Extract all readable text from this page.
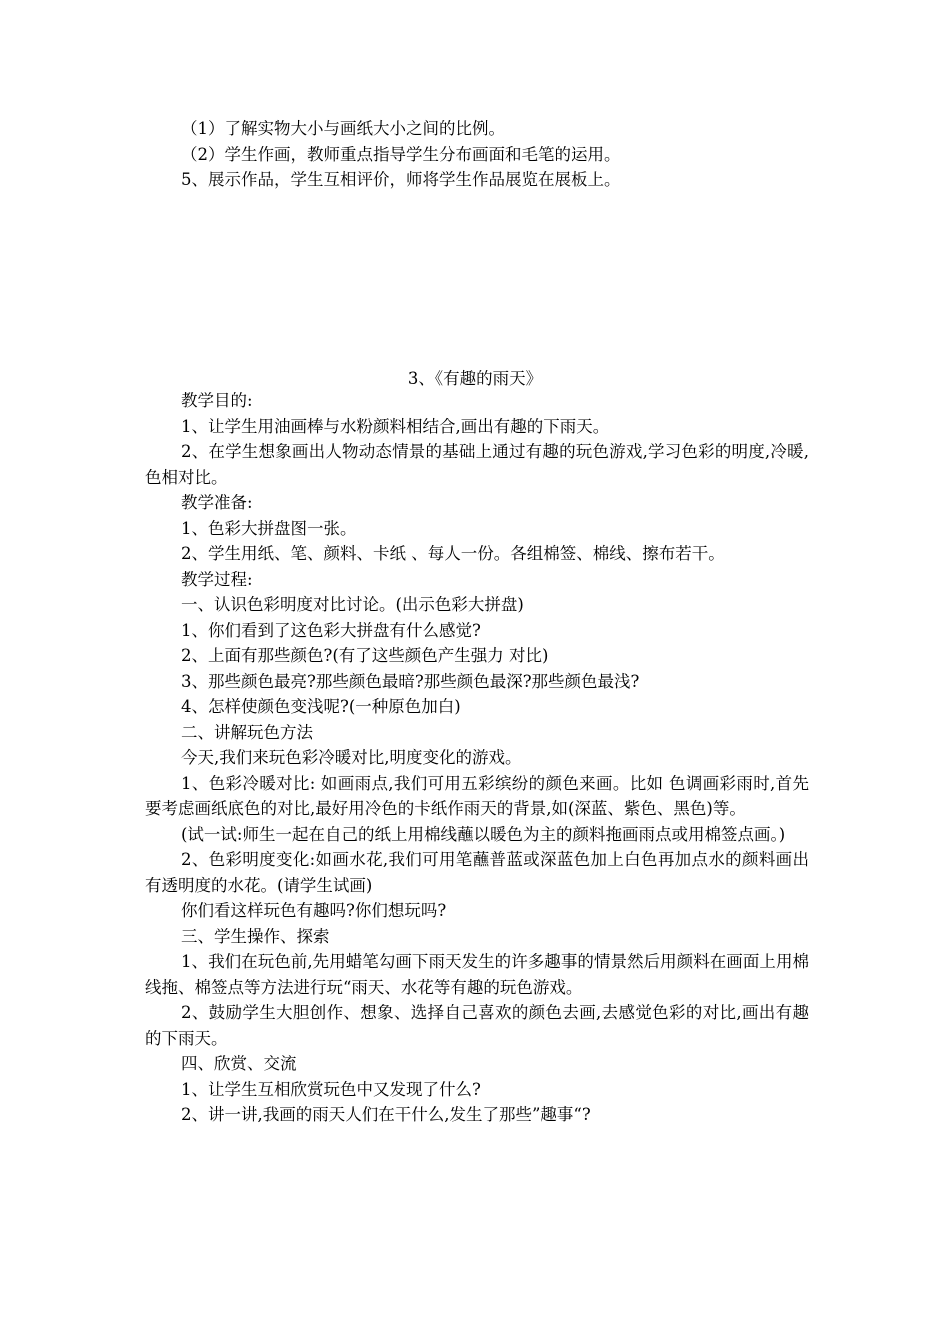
（1）了解实物大小与画纸大小之间的比例。

（2）学生作画，教师重点指导学生分布画面和毛笔的运用。

5、展示作品，学生互相评价，师将学生作品展览在展板上。

3、《有趣的雨天》

教学目的:

1、让学生用油画棒与水粉颜料相结合,画出有趣的下雨天。

2、在学生想象画出人物动态情景的基础上通过有趣的玩色游戏,学习色彩的明度,冷暖,色相对比。

教学准备:

1、色彩大拼盘图一张。

2、学生用纸、笔、颜料、卡纸 、每人一份。各组棉签、棉线、擦布若干。

教学过程:

一、认识色彩明度对比讨论。(出示色彩大拼盘)

1、你们看到了这色彩大拼盘有什么感觉?

2、上面有那些颜色?(有了这些颜色产生强力 对比)

3、那些颜色最亮?那些颜色最暗?那些颜色最深?那些颜色最浅?

4、怎样使颜色变浅呢?(一种原色加白)

二、讲解玩色方法

今天,我们来玩色彩冷暖对比,明度变化的游戏。

1、色彩冷暖对比: 如画雨点,我们可用五彩缤纷的颜色来画。比如 色调画彩雨时,首先要考虑画纸底色的对比,最好用冷色的卡纸作雨天的背景,如(深蓝、紫色、黑色)等。

(试一试:师生一起在自己的纸上用棉线蘸以暖色为主的颜料拖画雨点或用棉签点画。)

2、色彩明度变化:如画水花,我们可用笔蘸普蓝或深蓝色加上白色再加点水的颜料画出有透明度的水花。(请学生试画)

你们看这样玩色有趣吗?你们想玩吗?

三、学生操作、探索

1、我们在玩色前,先用蜡笔勾画下雨天发生的许多趣事的情景然后用颜料在画面上用棉线拖、棉签点等方法进行玩“雨天、水花等有趣的玩色游戏。

2、鼓励学生大胆创作、想象、选择自己喜欢的颜色去画,去感觉色彩的对比,画出有趣的下雨天。

四、欣赏、交流

1、让学生互相欣赏玩色中又发现了什么?

2、讲一讲,我画的雨天人们在干什么,发生了那些”趣事“?
